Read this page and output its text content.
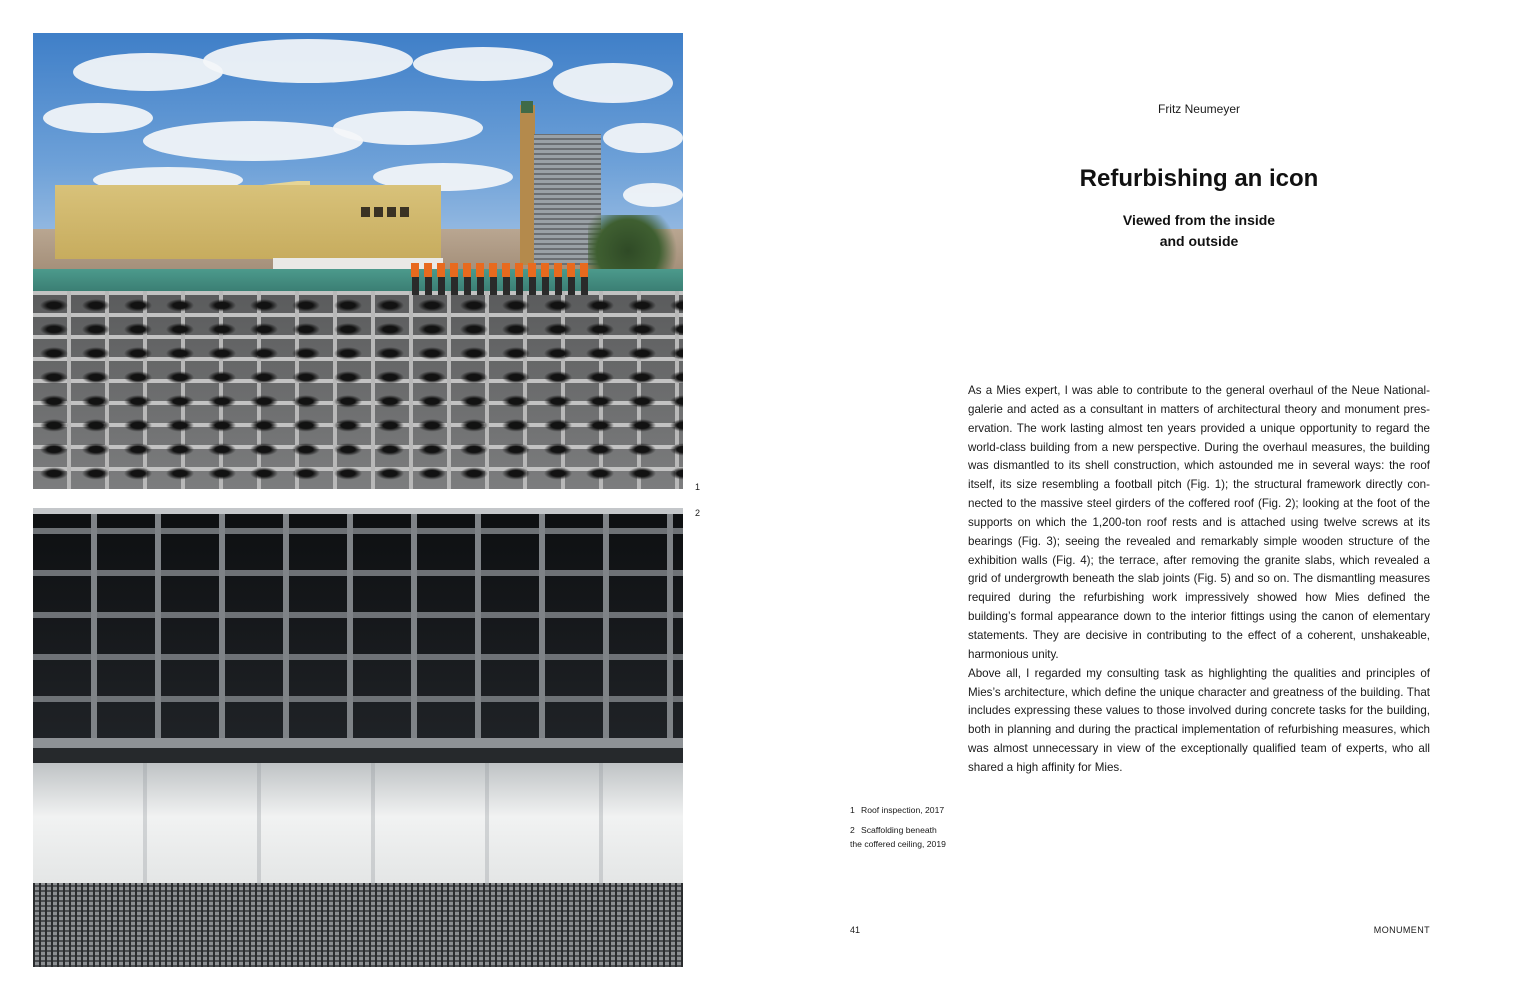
1
2
Fritz Neumeyer
Refurbishing an icon
Viewed from the inside
and outside

As a Mies expert, I was able to contribute to the general overhaul of the Neue Nationalgalerie and acted as a consultant in matters of architectural theory and monument preservation. The work lasting almost ten years provided a unique opportunity to regard the world-class building from a new perspective. During the overhaul measures, the building was dismantled to its shell construction, which astounded me in several ways: the roof itself, its size resembling a football pitch (Fig. 1); the structural framework directly connected to the massive steel girders of the coffered roof (Fig. 2); looking at the foot of the supports on which the 1,200-ton roof rests and is attached using twelve screws at its bearings (Fig. 3); seeing the revealed and remarkably simple wooden structure of the exhibition walls (Fig. 4); the terrace, after removing the granite slabs, which revealed a grid of undergrowth beneath the slab joints (Fig. 5) and so on. The dismantling measures required during the refurbishing work impressively showed how Mies defined the building’s formal appearance down to the interior fittings using the canon of elementary statements. They are decisive in contributing to the effect of a coherent, unshakeable, harmonious unity.

Above all, I regarded my consulting task as highlighting the qualities and principles of Mies’s architecture, which define the unique character and greatness of the building. That includes expressing these values to those involved during concrete tasks for the building, both in planning and during the practical implementation of refurbishing measures, which was almost unnecessary in view of the exceptionally qualified team of experts, who all shared a high affinity for Mies.

1 Roof inspection, 2017
2 Scaffolding beneath
the coffered ceiling, 2019
41	MONUMENT
